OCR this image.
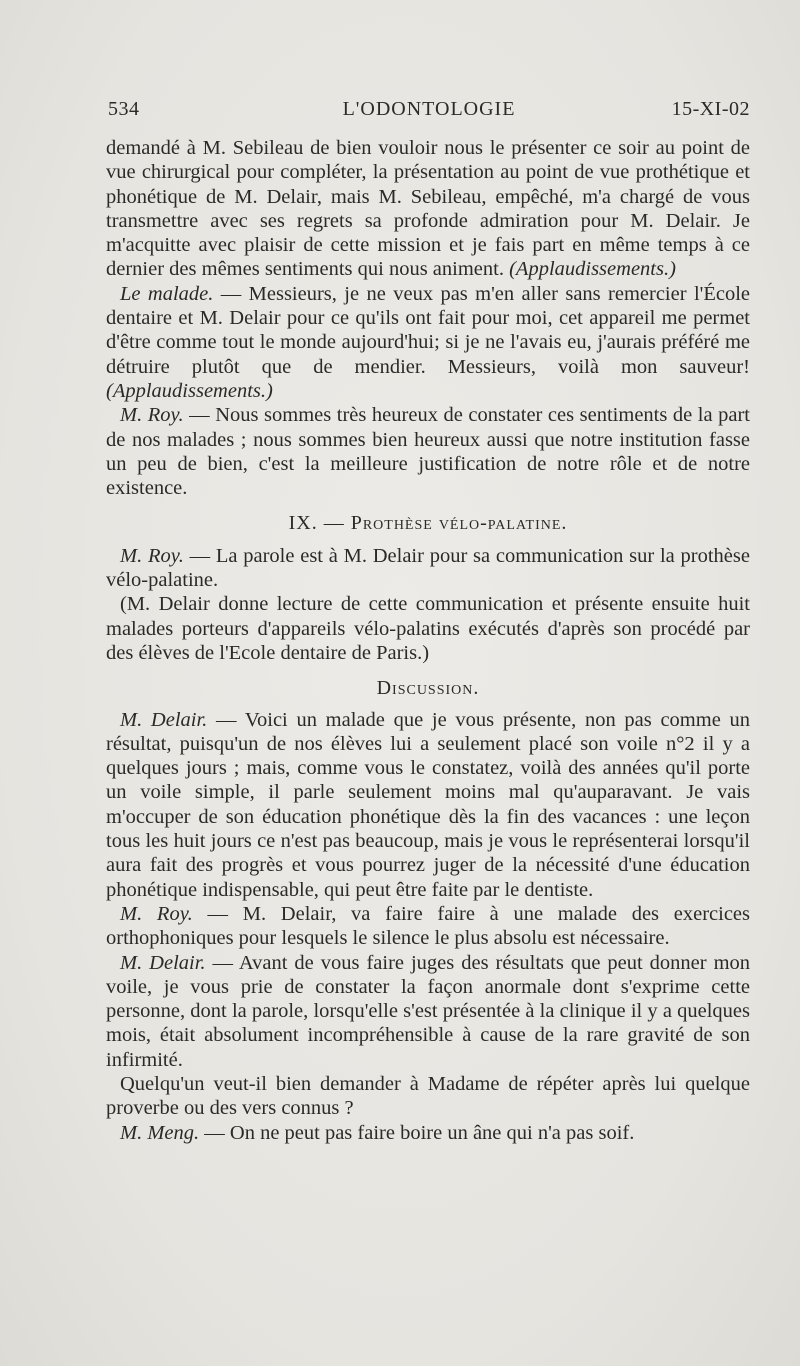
534	L'ODONTOLOGIE	15-XI-02

demandé à M. Sebileau de bien vouloir nous le présenter ce soir au point de vue chirurgical pour compléter, la présentation au point de vue prothétique et phonétique de M. Delair, mais M. Sebileau, empêché, m'a chargé de vous transmettre avec ses regrets sa profonde admiration pour M. Delair. Je m'acquitte avec plaisir de cette mission et je fais part en même temps à ce dernier des mêmes sentiments qui nous animent. (Applaudissements.)

Le malade. — Messieurs, je ne veux pas m'en aller sans remercier l'École dentaire et M. Delair pour ce qu'ils ont fait pour moi, cet appareil me permet d'être comme tout le monde aujourd'hui; si je ne l'avais eu, j'aurais préféré me détruire plutôt que de mendier. Messieurs, voilà mon sauveur! (Applaudissements.)

M. Roy. — Nous sommes très heureux de constater ces sentiments de la part de nos malades ; nous sommes bien heureux aussi que notre institution fasse un peu de bien, c'est la meilleure justification de notre rôle et de notre existence.

IX. — Prothèse vélo-palatine.

M. Roy. — La parole est à M. Delair pour sa communication sur la prothèse vélo-palatine.

(M. Delair donne lecture de cette communication et présente ensuite huit malades porteurs d'appareils vélo-palatins exécutés d'après son procédé par des élèves de l'Ecole dentaire de Paris.)

Discussion.

M. Delair. — Voici un malade que je vous présente, non pas comme un résultat, puisqu'un de nos élèves lui a seulement placé son voile n°2 il y a quelques jours ; mais, comme vous le constatez, voilà des années qu'il porte un voile simple, il parle seulement moins mal qu'auparavant. Je vais m'occuper de son éducation phonétique dès la fin des vacances : une leçon tous les huit jours ce n'est pas beaucoup, mais je vous le représenterai lorsqu'il aura fait des progrès et vous pourrez juger de la nécessité d'une éducation phonétique indispensable, qui peut être faite par le dentiste.

M. Roy. — M. Delair, va faire faire à une malade des exercices orthophoniques pour lesquels le silence le plus absolu est nécessaire.

M. Delair. — Avant de vous faire juges des résultats que peut donner mon voile, je vous prie de constater la façon anormale dont s'exprime cette personne, dont la parole, lorsqu'elle s'est présentée à la clinique il y a quelques mois, était absolument incompréhensible à cause de la rare gravité de son infirmité.

Quelqu'un veut-il bien demander à Madame de répéter après lui quelque proverbe ou des vers connus ?

M. Meng. — On ne peut pas faire boire un âne qui n'a pas soif.
